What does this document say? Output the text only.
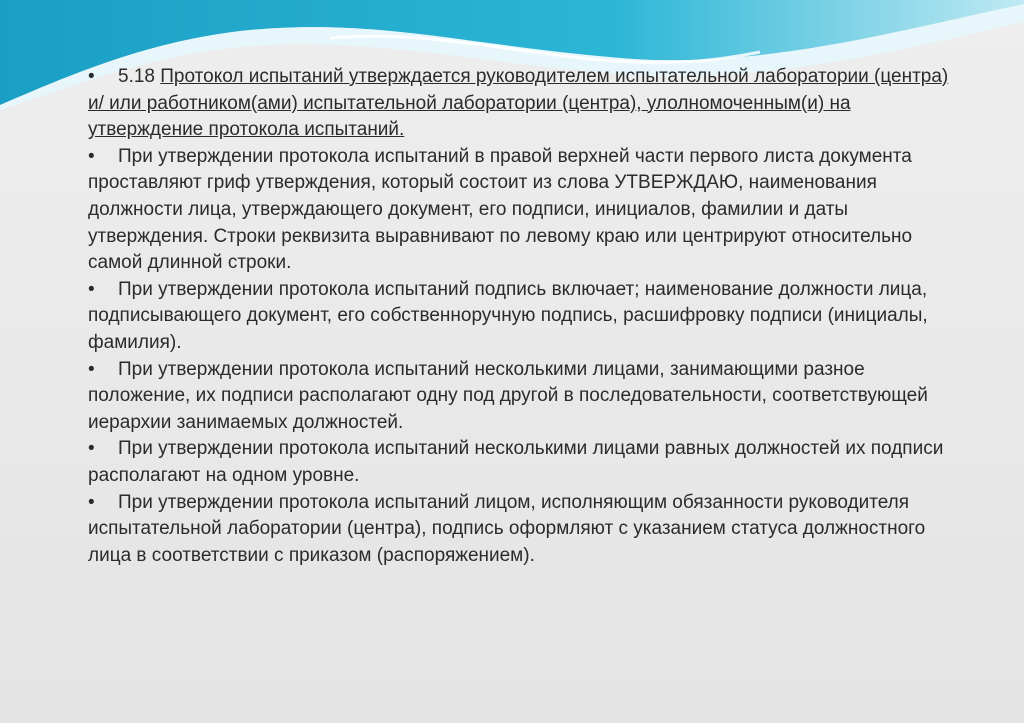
• 5.18 Протокол испытаний утверждается руководителем испытательной лаборатории (центра) и/ или работником(ами) испытательной лаборатории (центра), улолномоченным(и) на утверждение протокола испытаний.

• При утверждении протокола испытаний в правой верхней части первого листа документа проставляют гриф утверждения, который состоит из слова УТВЕРЖДАЮ, наименования должности лица, утверждающего документ, его подписи, инициалов, фамилии и даты утверждения. Строки реквизита выравнивают по левому краю или центрируют относительно самой длинной строки.

• При утверждении протокола испытаний подпись включает; наименование должности лица, подписывающего документ, его собственноручную подпись, расшифровку подписи (инициалы, фамилия).

• При утверждении протокола испытаний несколькими лицами, занимающими разное положение, их подписи располагают одну под другой в последовательности, соответствующей иерархии занимаемых должностей.

• При утверждении протокола испытаний несколькими лицами равных должностей их подписи располагают на одном уровне.

• При утверждении протокола испытаний лицом, исполняющим обязанности руководителя испытательной лаборатории (центра), подпись оформляют с указанием статуса должностного лица в соответствии с приказом (распоряжением).
